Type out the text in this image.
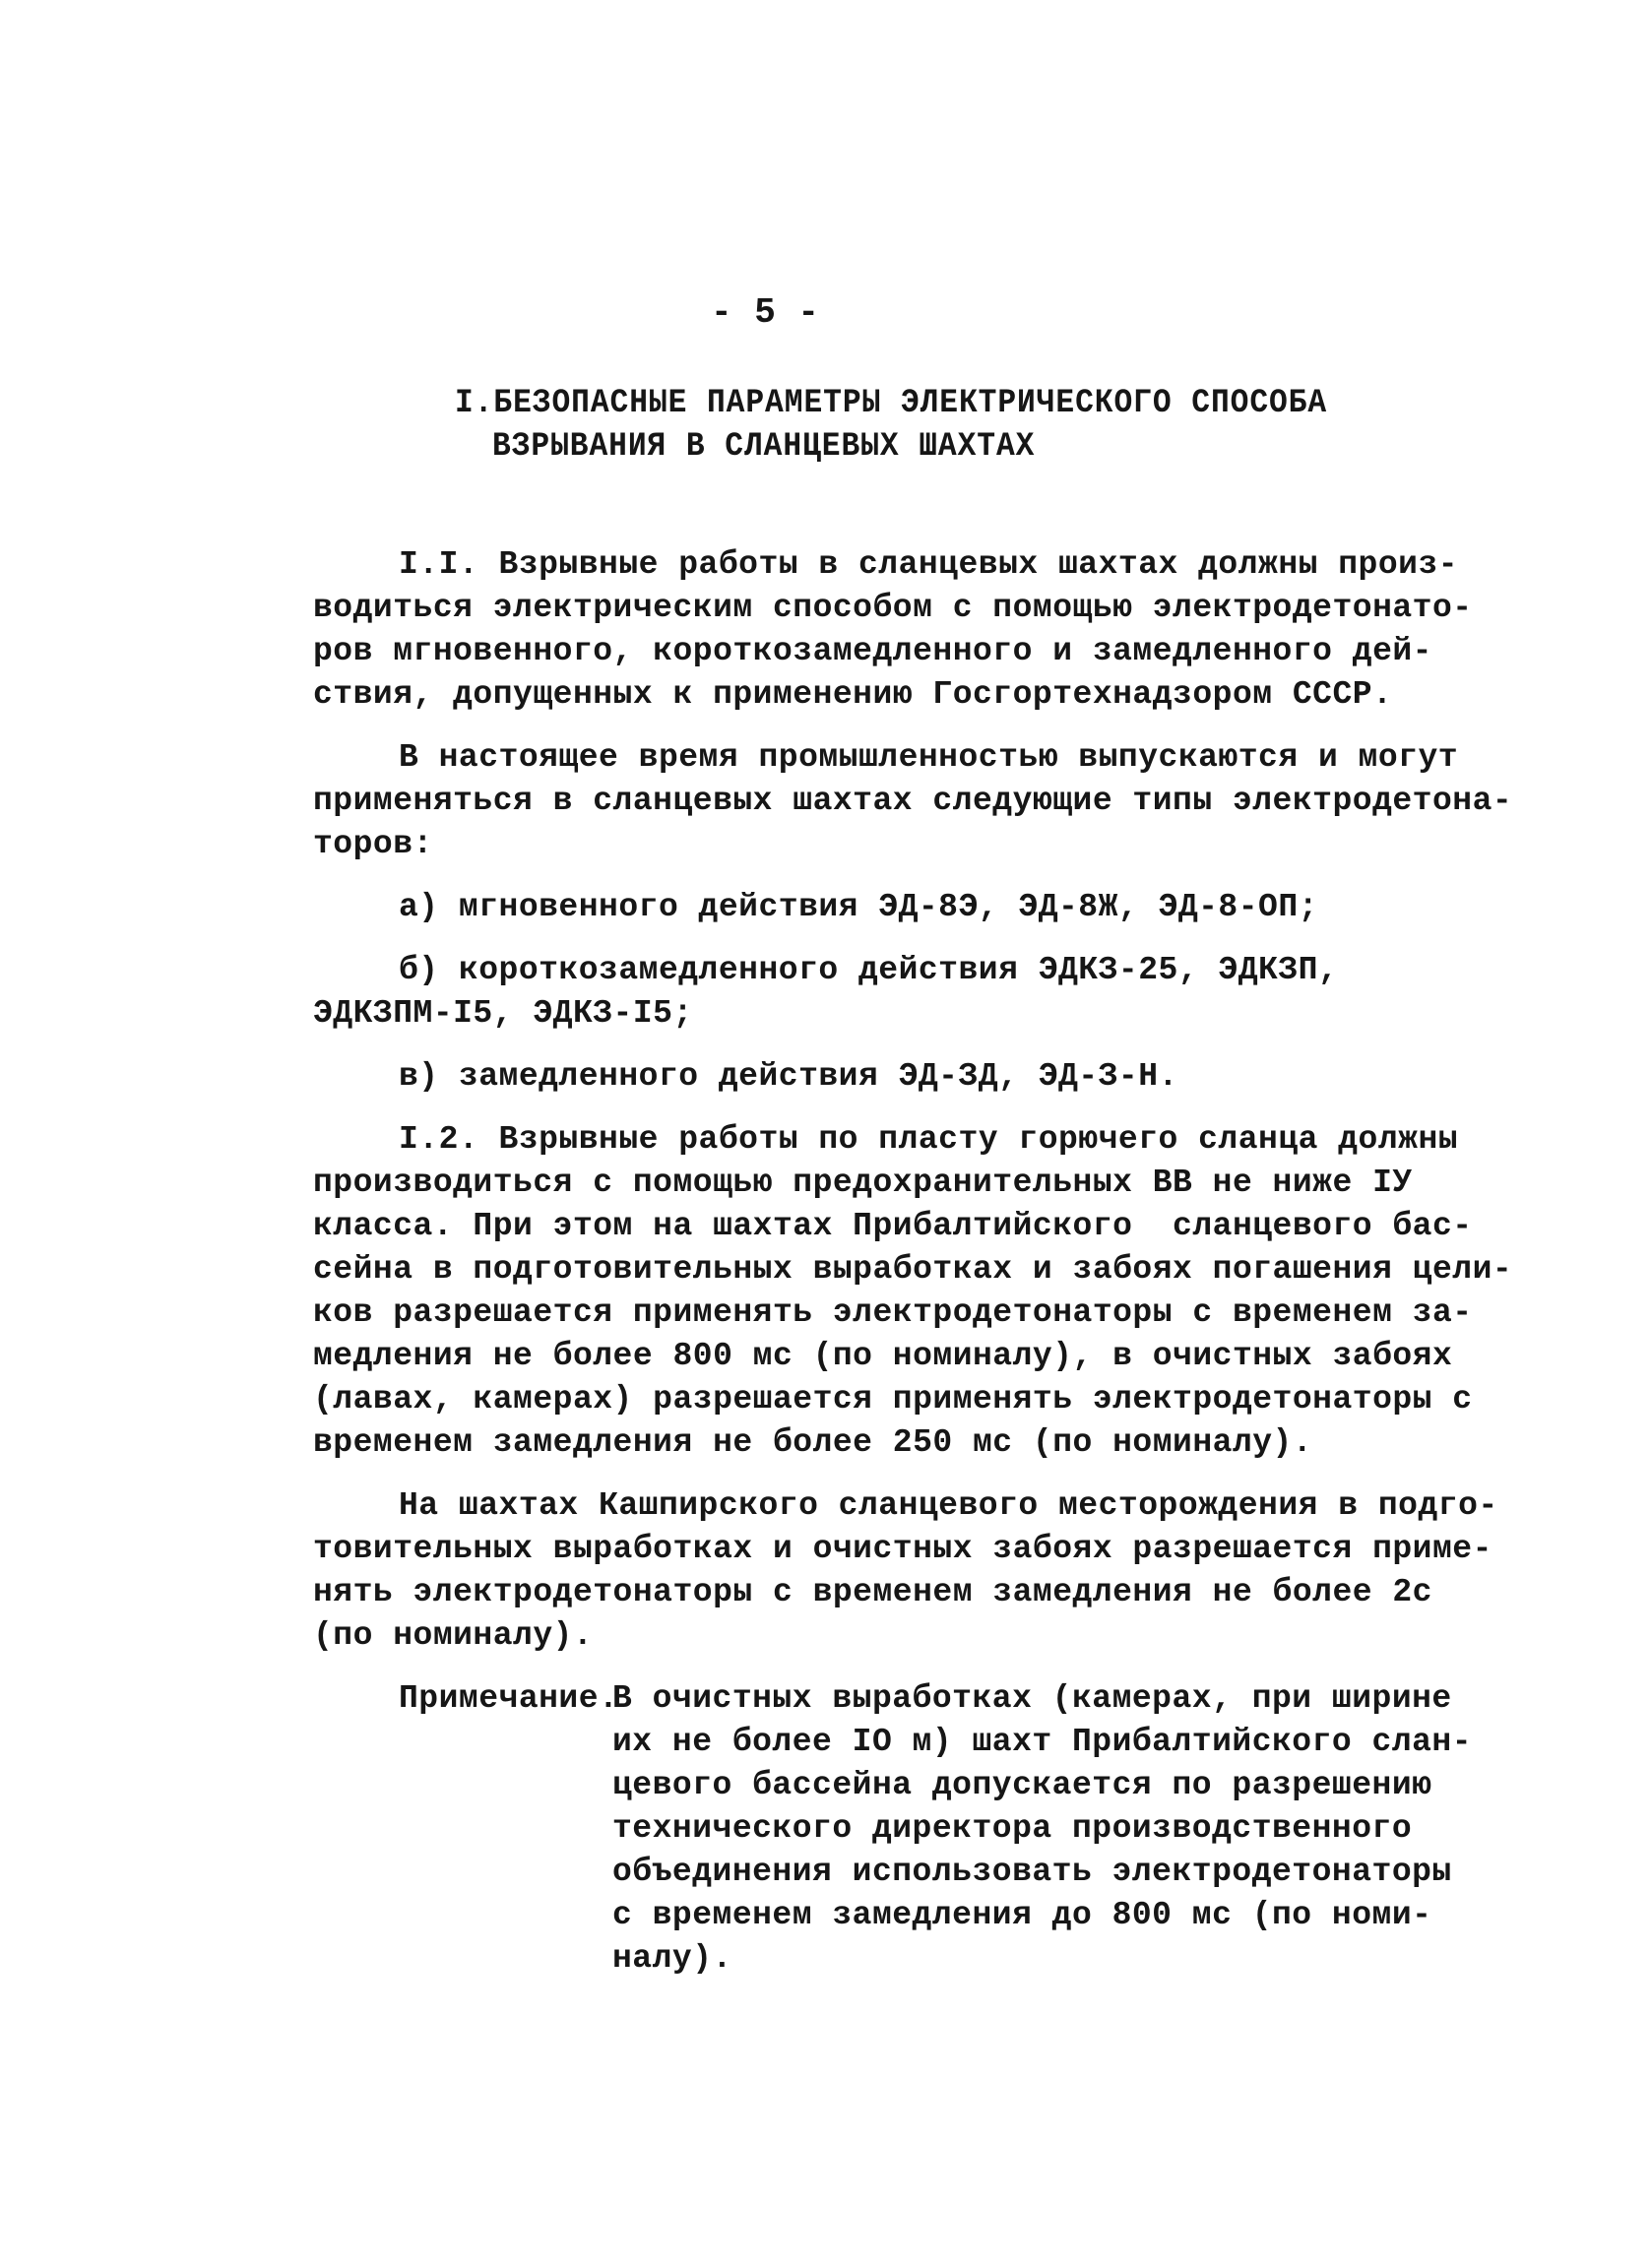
- 5 -
I.БЕЗОПАСНЫЕ ПАРАМЕТРЫ ЭЛЕКТРИЧЕСКОГО СПОСОБА
ВЗРЫВАНИЯ В СЛАНЦЕВЫХ ШАХТАХ
I.I. Взрывные работы в сланцевых шахтах должны произ-
водиться электрическим способом с помощью электродетонато-
ров мгновенного, короткозамедленного и замедленного дей-
ствия, допущенных к применению Госгортехнадзором СССР.
В настоящее время промышленностью выпускаются и могут
применяться в сланцевых шахтах следующие типы электродетона-
торов:
а) мгновенного действия ЭД-8Э, ЭД-8Ж, ЭД-8-ОП;
б) короткозамедленного действия ЭДКЗ-25, ЭДКЗП,
ЭДКЗПМ-I5, ЭДКЗ-I5;
в) замедленного действия ЭД-ЗД, ЭД-З-Н.
I.2. Взрывные работы по пласту горючего сланца должны
производиться с помощью предохранительных ВВ не ниже IУ
класса. При этом на шахтах Прибалтийского  сланцевого бас-
сейна в подготовительных выработках и забоях погашения цели-
ков разрешается применять электродетонаторы с временем за-
медления не более 800 мс (по номиналу), в очистных забоях
(лавах, камерах) разрешается применять электродетонаторы с
временем замедления не более 250 мс (по номиналу).
На шахтах Кашпирского сланцевого месторождения в подго-
товительных выработках и очистных забоях разрешается приме-
нять электродетонаторы с временем замедления не более 2с
(по номиналу).
Примечание.
В очистных выработках (камерах, при ширине
их не более IO м) шахт Прибалтийского слан-
цевого бассейна допускается по разрешению
технического директора производственного
объединения использовать электродетонаторы
с временем замедления до 800 мс (по номи-
налу).
